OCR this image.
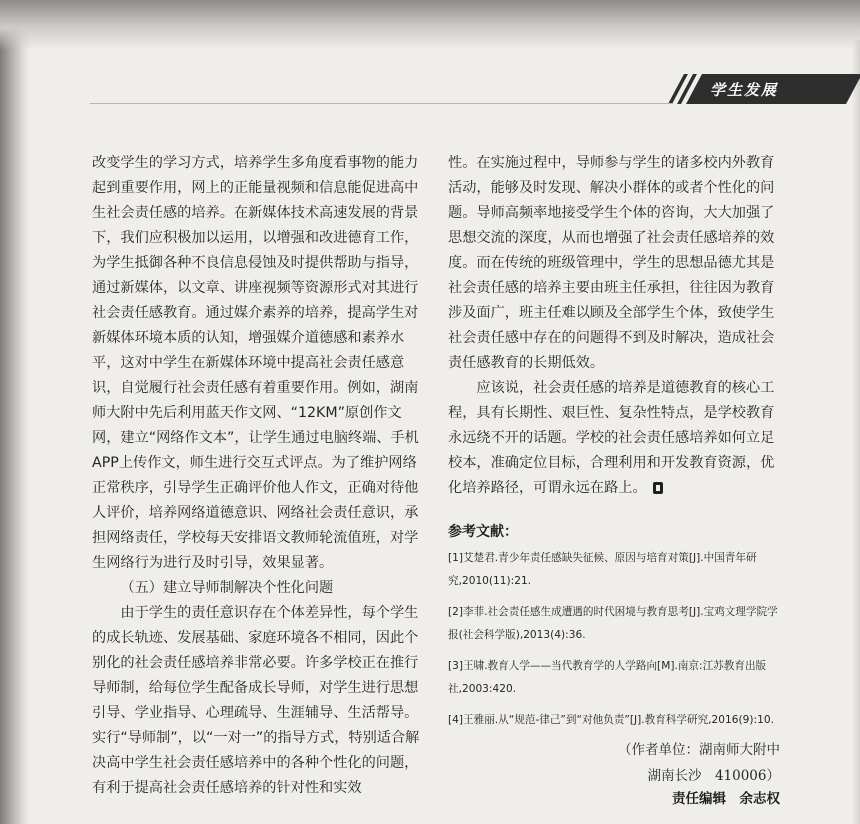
学生发展

改变学生的学习方式，培养学生多角度看事物的能力起到重要作用，网上的正能量视频和信息能促进高中生社会责任感的培养。在新媒体技术高速发展的背景下，我们应积极加以运用，以增强和改进德育工作，为学生抵御各种不良信息侵蚀及时提供帮助与指导，通过新媒体，以文章、讲座视频等资源形式对其进行社会责任感教育。通过媒介素养的培养，提高学生对新媒体环境本质的认知，增强媒介道德感和素养水平，这对中学生在新媒体环境中提高社会责任感意识，自觉履行社会责任感有着重要作用。例如，湖南师大附中先后利用蓝天作文网、“12KM”原创作文网，建立“网络作文本”，让学生通过电脑终端、手机APP上传作文，师生进行交互式评点。为了维护网络正常秩序，引导学生正确评价他人作文，正确对待他人评价，培养网络道德意识、网络社会责任意识，承担网络责任，学校每天安排语文教师轮流值班，对学生网络行为进行及时引导，效果显著。

（五）建立导师制解决个性化问题

由于学生的责任意识存在个体差异性，每个学生的成长轨迹、发展基础、家庭环境各不相同，因此个别化的社会责任感培养非常必要。许多学校正在推行导师制，给每位学生配备成长导师，对学生进行思想引导、学业指导、心理疏导、生涯辅导、生活帮导。实行“导师制”，以“一对一”的指导方式，特别适合解决高中学生社会责任感培养中的各种个性化的问题，有利于提高社会责任感培养的针对性和实效

性。在实施过程中，导师参与学生的诸多校内外教育活动，能够及时发现、解决小群体的或者个性化的问题。导师高频率地接受学生个体的咨询，大大加强了思想交流的深度，从而也增强了社会责任感培养的效度。而在传统的班级管理中，学生的思想品德尤其是社会责任感的培养主要由班主任承担，往往因为教育涉及面广，班主任难以顾及全部学生个体，致使学生社会责任感中存在的问题得不到及时解决，造成社会责任感教育的长期低效。

应该说，社会责任感的培养是道德教育的核心工程，具有长期性、艰巨性、复杂性特点，是学校教育永远绕不开的话题。学校的社会责任感培养如何立足校本，准确定位目标，合理利用和开发教育资源，优化培养路径，可谓永远在路上。

参考文献：

[1]艾楚君.青少年责任感缺失征候、原因与培育对策[J].中国青年研究,2010(11):21.

[2]李菲.社会责任感生成遭遇的时代困境与教育思考[J].宝鸡文理学院学报(社会科学版),2013(4):36.

[3]王啸.教育人学——当代教育学的人学路向[M].南京:江苏教育出版社,2003:420.

[4]王雅丽.从“规范-律己”到“对他负责”[J].教育科学研究,2016(9):10.

（作者单位：湖南师大附中
湖南长沙　410006）
责任编辑　余志权
